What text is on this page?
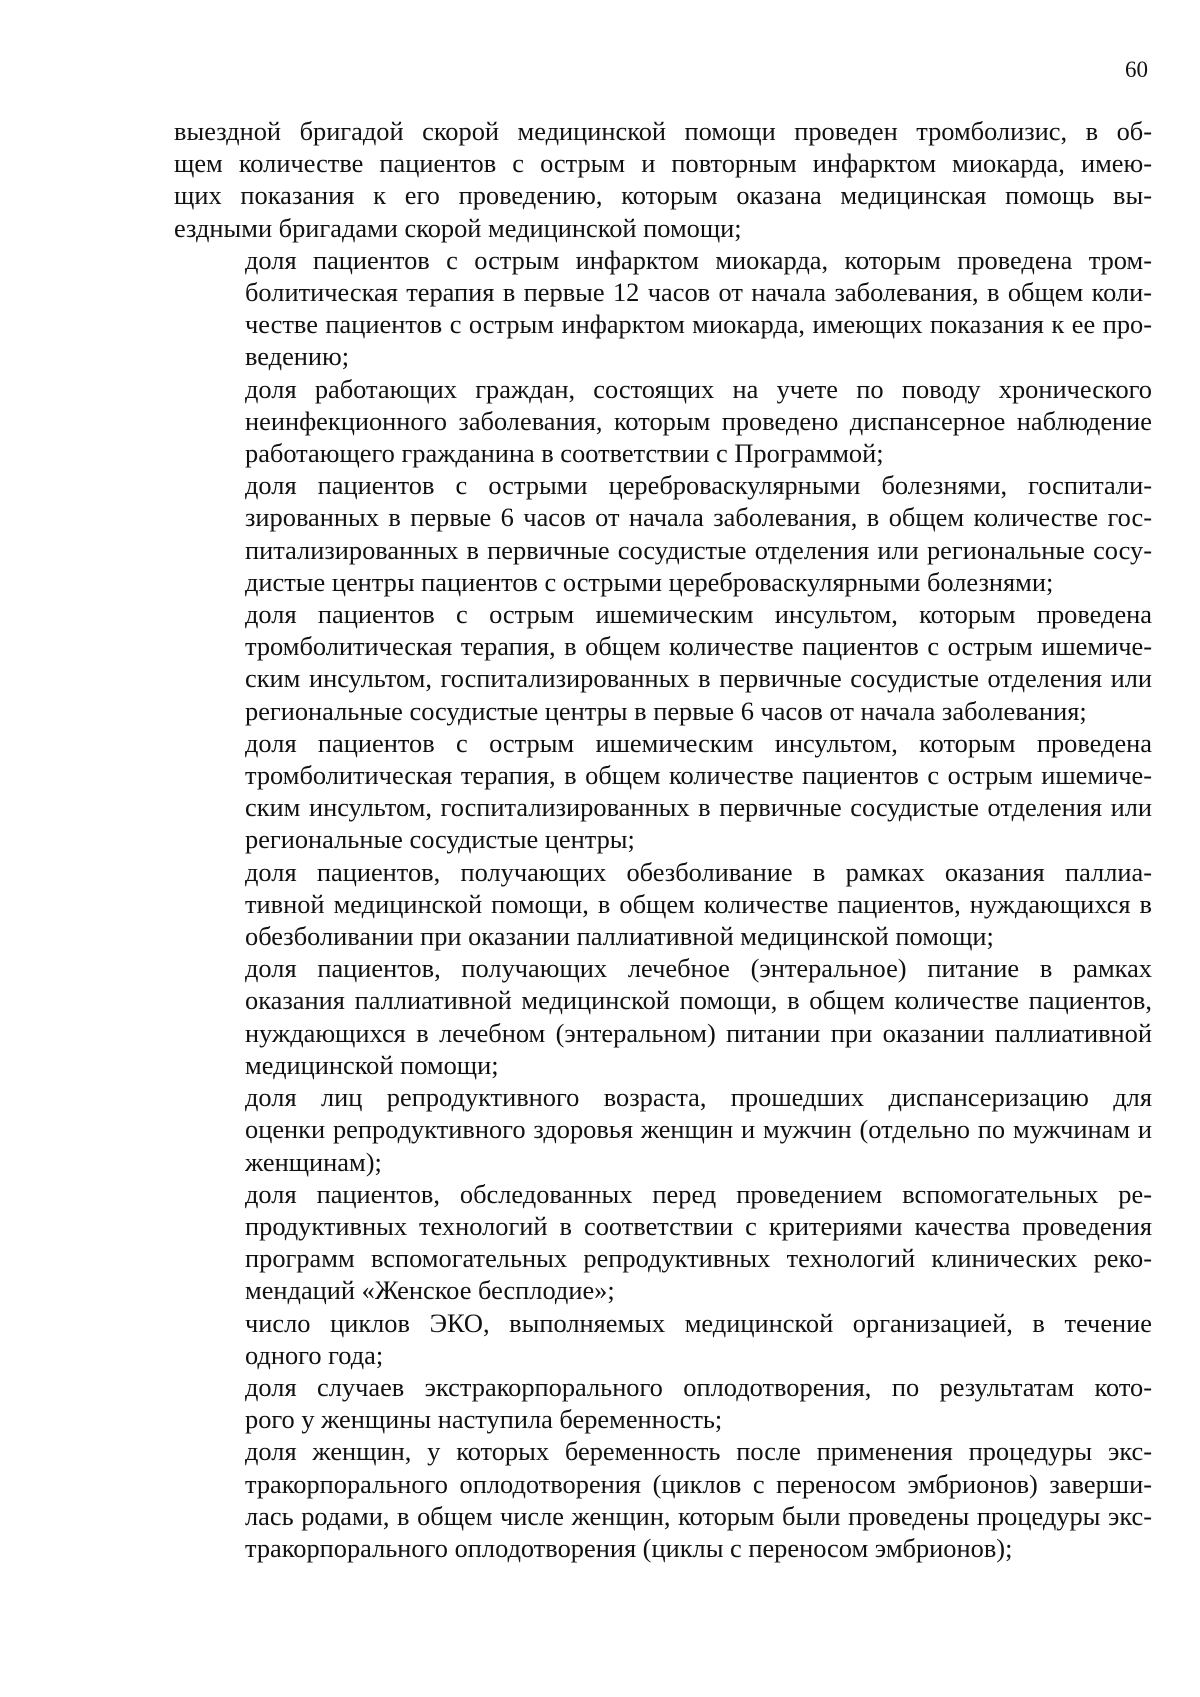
60

выездной бригадой скорой медицинской помощи проведен тромболизис, в об-
щем количестве пациентов с острым и повторным инфарктом миокарда, имею-
щих показания к его проведению, которым оказана медицинская помощь вы-
ездными бригадами скорой медицинской помощи;

доля пациентов с острым инфарктом миокарда, которым проведена тром-
болитическая терапия в первые 12 часов от начала заболевания, в общем коли-
честве пациентов с острым инфарктом миокарда, имеющих показания к ее про-
ведению;

доля работающих граждан, состоящих на учете по поводу хронического
неинфекционного заболевания, которым проведено диспансерное наблюдение
работающего гражданина в соответствии с Программой;

доля пациентов с острыми цереброваскулярными болезнями, госпитали-
зированных в первые 6 часов от начала заболевания, в общем количестве гос-
питализированных в первичные сосудистые отделения или региональные сосу-
дистые центры пациентов с острыми цереброваскулярными болезнями;

доля пациентов с острым ишемическим инсультом, которым проведена
тромболитическая терапия, в общем количестве пациентов с острым ишемиче-
ским инсультом, госпитализированных в первичные сосудистые отделения или
региональные сосудистые центры в первые 6 часов от начала заболевания;

доля пациентов с острым ишемическим инсультом, которым проведена
тромболитическая терапия, в общем количестве пациентов с острым ишемиче-
ским инсультом, госпитализированных в первичные сосудистые отделения или
региональные сосудистые центры;

доля пациентов, получающих обезболивание в рамках оказания паллиа-
тивной медицинской помощи, в общем количестве пациентов, нуждающихся в
обезболивании при оказании паллиативной медицинской помощи;

доля пациентов, получающих лечебное (энтеральное) питание в рамках
оказания паллиативной медицинской помощи, в общем количестве пациентов,
нуждающихся в лечебном (энтеральном) питании при оказании паллиативной
медицинской помощи;

доля лиц репродуктивного возраста, прошедших диспансеризацию для
оценки репродуктивного здоровья женщин и мужчин (отдельно по мужчинам и
женщинам);

доля пациентов, обследованных перед проведением вспомогательных ре-
продуктивных технологий в соответствии с критериями качества проведения
программ вспомогательных репродуктивных технологий клинических реко-
мендаций «Женское бесплодие»;

число циклов ЭКО, выполняемых медицинской организацией, в течение
одного года;

доля случаев экстракорпорального оплодотворения, по результатам кото-
рого у женщины наступила беременность;

доля женщин, у которых беременность после применения процедуры экс-
тракорпорального оплодотворения (циклов с переносом эмбрионов) заверши-
лась родами, в общем числе женщин, которым были проведены процедуры экс-
тракорпорального оплодотворения (циклы с переносом эмбрионов);
